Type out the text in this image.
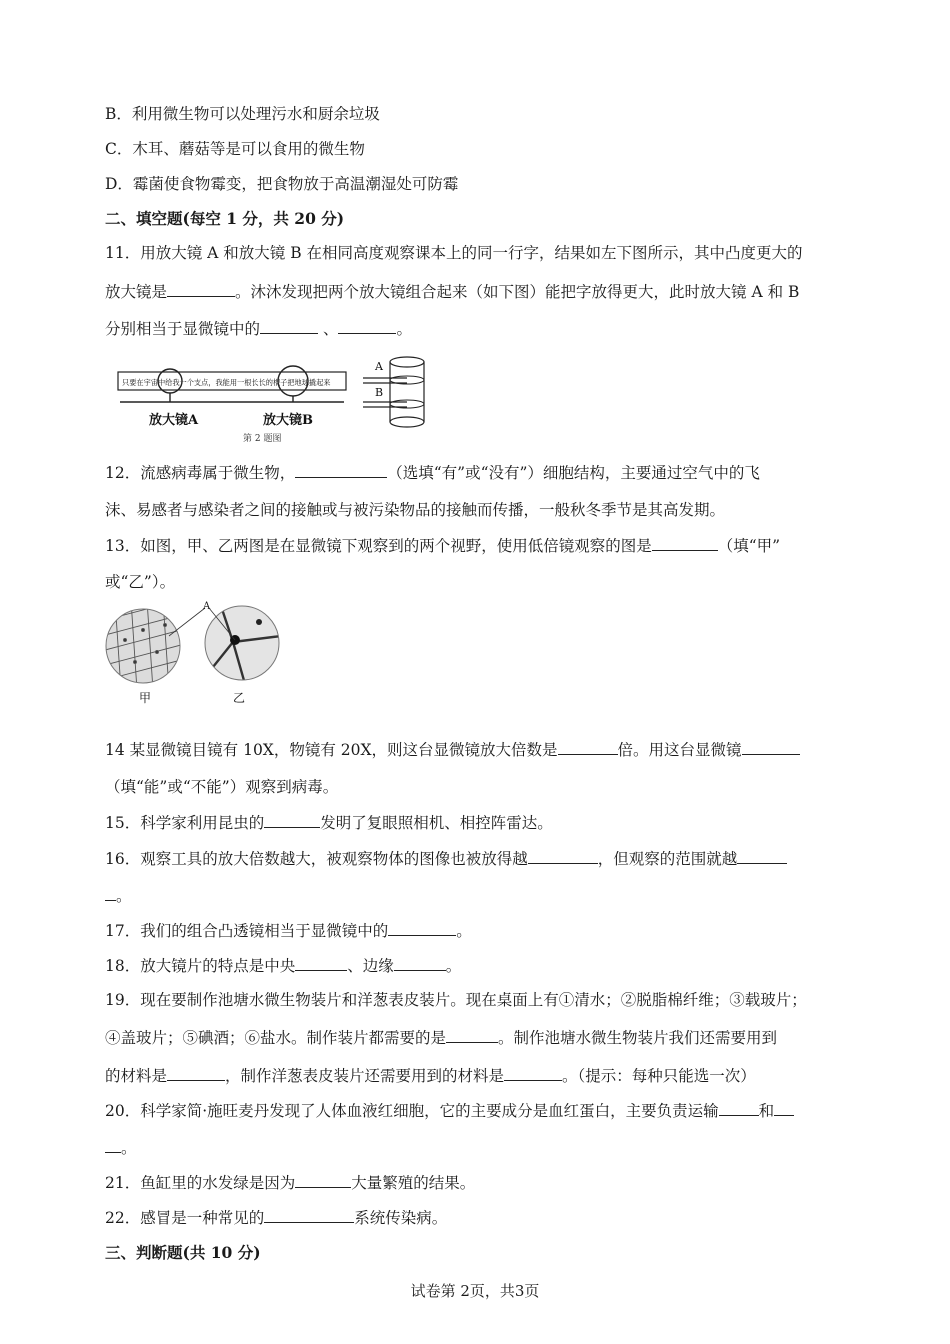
B．利用微生物可以处理污水和厨余垃圾
C．木耳、蘑菇等是可以食用的微生物
D．霉菌使食物霉变，把食物放于高温潮湿处可防霉
二、填空题(每空 1 分，共 20 分)
11．用放大镜 A 和放大镜 B 在相同高度观察课本上的同一行字，结果如左下图所示，其中凸度更大的
放大镜是	。沐沐发现把两个放大镜组合起来（如下图）能把字放得更大，此时放大镜 A 和 B
分别相当于显微镜中的	、	。
只要在宇宙中给我一个支点，我能用一根长长的棍子把地球撬起来
放大镜A	放大镜B
第 2 题图
A
B
12．流感病毒属于微生物，	（选填“有”或“没有”）细胞结构，主要通过空气中的飞
沫、易感者与感染者之间的接触或与被污染物品的接触而传播，一般秋冬季节是其高发期。
13．如图，甲、乙两图是在显微镜下观察到的两个视野，使用低倍镜观察的图是	（填“甲”
或“乙”）。
A
甲	乙
14 某显微镜目镜有 10X，物镜有 20X，则这台显微镜放大倍数是	倍。用这台显微镜
（填“能”或“不能”）观察到病毒。
15．科学家利用昆虫的	发明了复眼照相机、相控阵雷达。
16．观察工具的放大倍数越大，被观察物体的图像也被放得越	，但观察的范围就越
。
17．我们的组合凸透镜相当于显微镜中的	。
18．放大镜片的特点是中央	、边缘	。
19．现在要制作池塘水微生物装片和洋葱表皮装片。现在桌面上有①清水；②脱脂棉纤维；③载玻片；
④盖玻片；⑤碘酒；⑥盐水。制作装片都需要的是	。制作池塘水微生物装片我们还需要用到
的材料是	，制作洋葱表皮装片还需要用到的材料是	。（提示：每种只能选一次）
20．科学家简·施旺麦丹发现了人体血液红细胞，它的主要成分是血红蛋白，主要负责运输	和
。
21．鱼缸里的水发绿是因为	大量繁殖的结果。
22．感冒是一种常见的	系统传染病。
三、判断题(共 10 分)
试卷第 2页，共3页
